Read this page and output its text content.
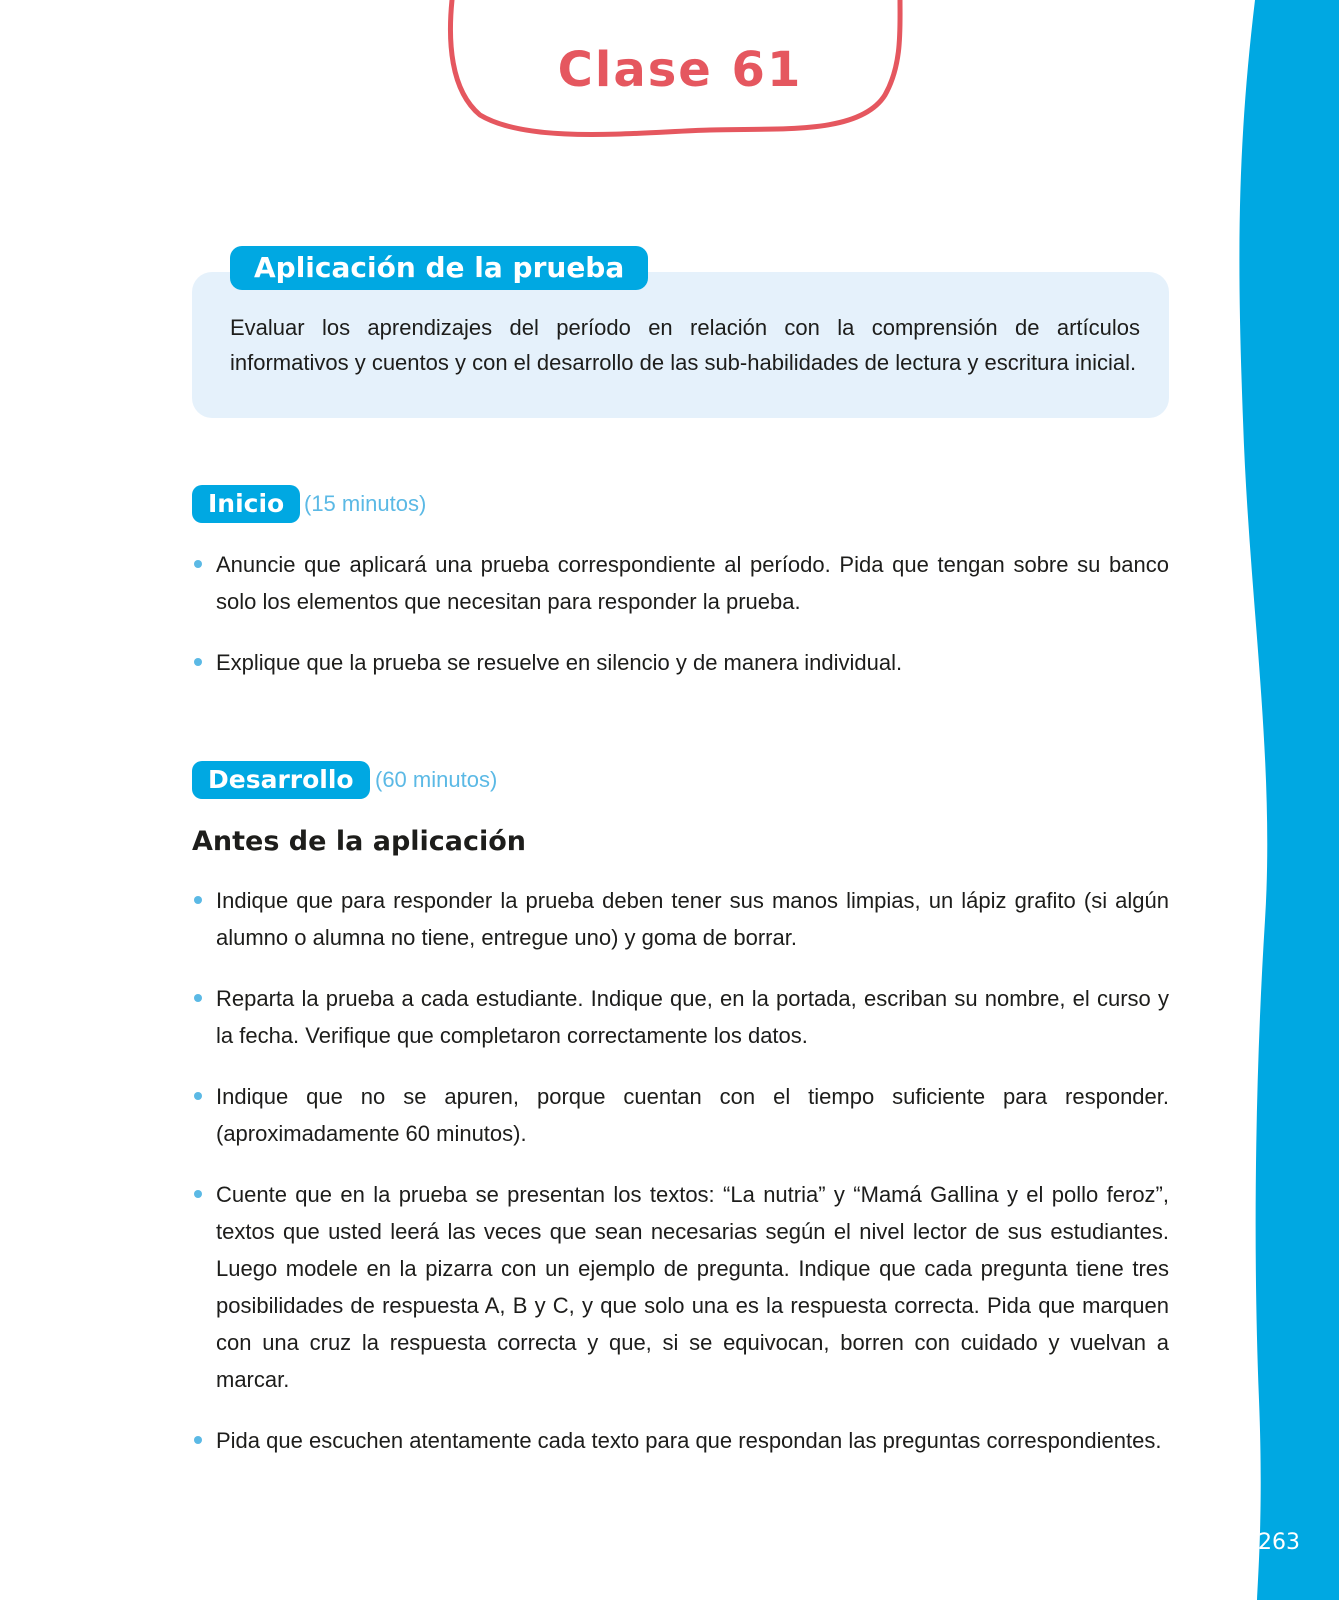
263
Clase 61
Aplicación de la prueba
Evaluar los aprendizajes del período en relación con la comprensión de artículos informativos y cuentos y con el desarrollo de las sub-habilidades de lectura y escritura inicial.
Inicio (15 minutos)
Anuncie que aplicará una prueba correspondiente al período. Pida que tengan sobre su banco solo los elementos que necesitan para responder la prueba.
Explique que la prueba se resuelve en silencio y de manera individual.
Desarrollo (60 minutos)
Antes de la aplicación
Indique que para responder la prueba deben tener sus manos limpias, un lápiz grafito (si algún alumno o alumna no tiene, entregue uno) y goma de borrar.
Reparta la prueba a cada estudiante. Indique que, en la portada, escriban su nombre, el curso y la fecha. Verifique que completaron correctamente los datos.
Indique que no se apuren, porque cuentan con el tiempo suficiente para responder. (aproximadamente 60 minutos).
Cuente que en la prueba se presentan los textos: “La nutria” y “Mamá Gallina y el pollo feroz”, textos que usted leerá las veces que sean necesarias según el nivel lector de sus estudiantes. Luego modele en la pizarra con un ejemplo de pregunta. Indique que cada pregunta tiene tres posibilidades de respuesta A, B y C, y que solo una es la respuesta correcta. Pida que marquen con una cruz la respuesta correcta y que, si se equivocan, borren con cuidado y vuelvan a marcar.
Pida que escuchen atentamente cada texto para que respondan las preguntas correspondientes.
